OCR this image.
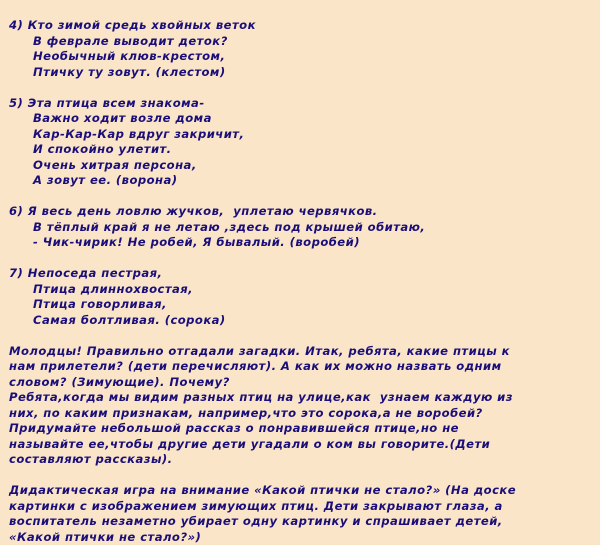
4) Кто зимой средь хвойных веток
В феврале выводит деток?
Необычный клюв-крестом,
Птичку ту зовут. (клестом)
5) Эта птица всем знакома-
Важно ходит возле дома
Кар-Кар-Кар вдруг закричит,
И спокойно улетит.
Очень хитрая персона,
А зовут ее. (ворона)
6) Я весь день ловлю жучков,  уплетаю червячков.
В тёплый край я не летаю ,здесь под крышей обитаю,
- Чик-чирик! Не робей, Я бывалый. (воробей)
7) Непоседа пестрая,
Птица длиннохвостая,
Птица говорливая,
Самая болтливая. (сорока)
Молодцы! Правильно отгадали загадки. Итак, ребята, какие птицы к
нам прилетели? (дети перечисляют). А как их можно назвать одним
словом? (Зимующие). Почему?
Ребята,когда мы видим разных птиц на улице,как  узнаем каждую из
них, по каким признакам, например,что это сорока,а не воробей?
Придумайте небольшой рассказ о понравившейся птице,но не
называйте ее,чтобы другие дети угадали о ком вы говорите.(Дети
составляют рассказы).
Дидактическая игра на внимание «Какой птички не стало?» (На доске
картинки с изображением зимующих птиц. Дети закрывают глаза, а
воспитатель незаметно убирает одну картинку и спрашивает детей,
«Какой птички не стало?»)
